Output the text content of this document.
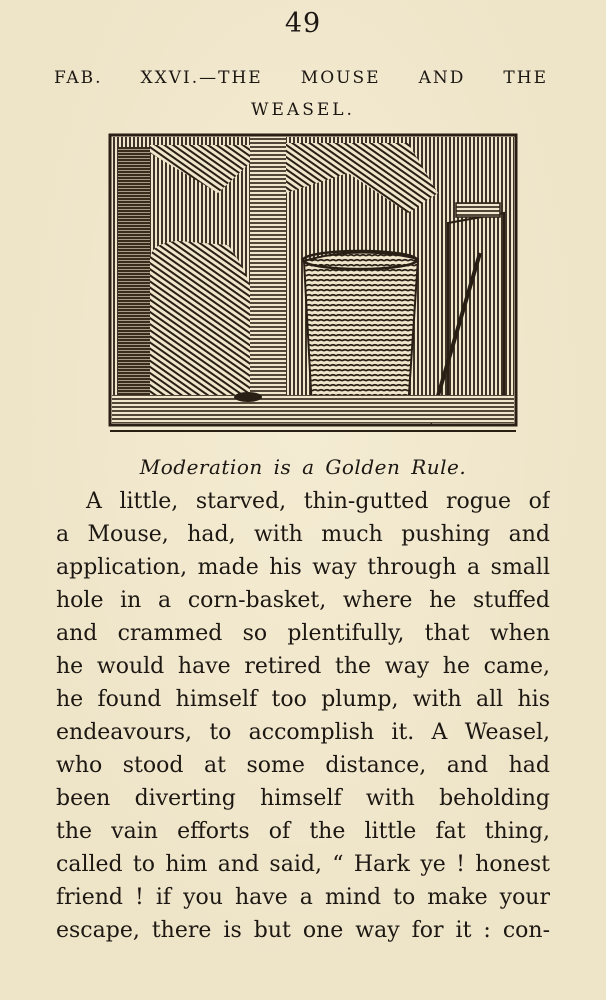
49
FAB. XXVI.—THE MOUSE AND THE
WEASEL.
Moderation is a Golden Rule.
A little, starved, thin-gutted rogue of
a Mouse, had, with much pushing and
application, made his way through a small
hole in a corn-basket, where he stuffed
and crammed so plentifully, that when
he would have retired the way he came,
he found himself too plump, with all his
endeavours, to accomplish it. A Weasel,
who stood at some distance, and had
been diverting himself with beholding
the vain efforts of the little fat thing,
called to him and said, “ Hark ye ! honest
friend ! if you have a mind to make your
escape, there is but one way for it : con-
